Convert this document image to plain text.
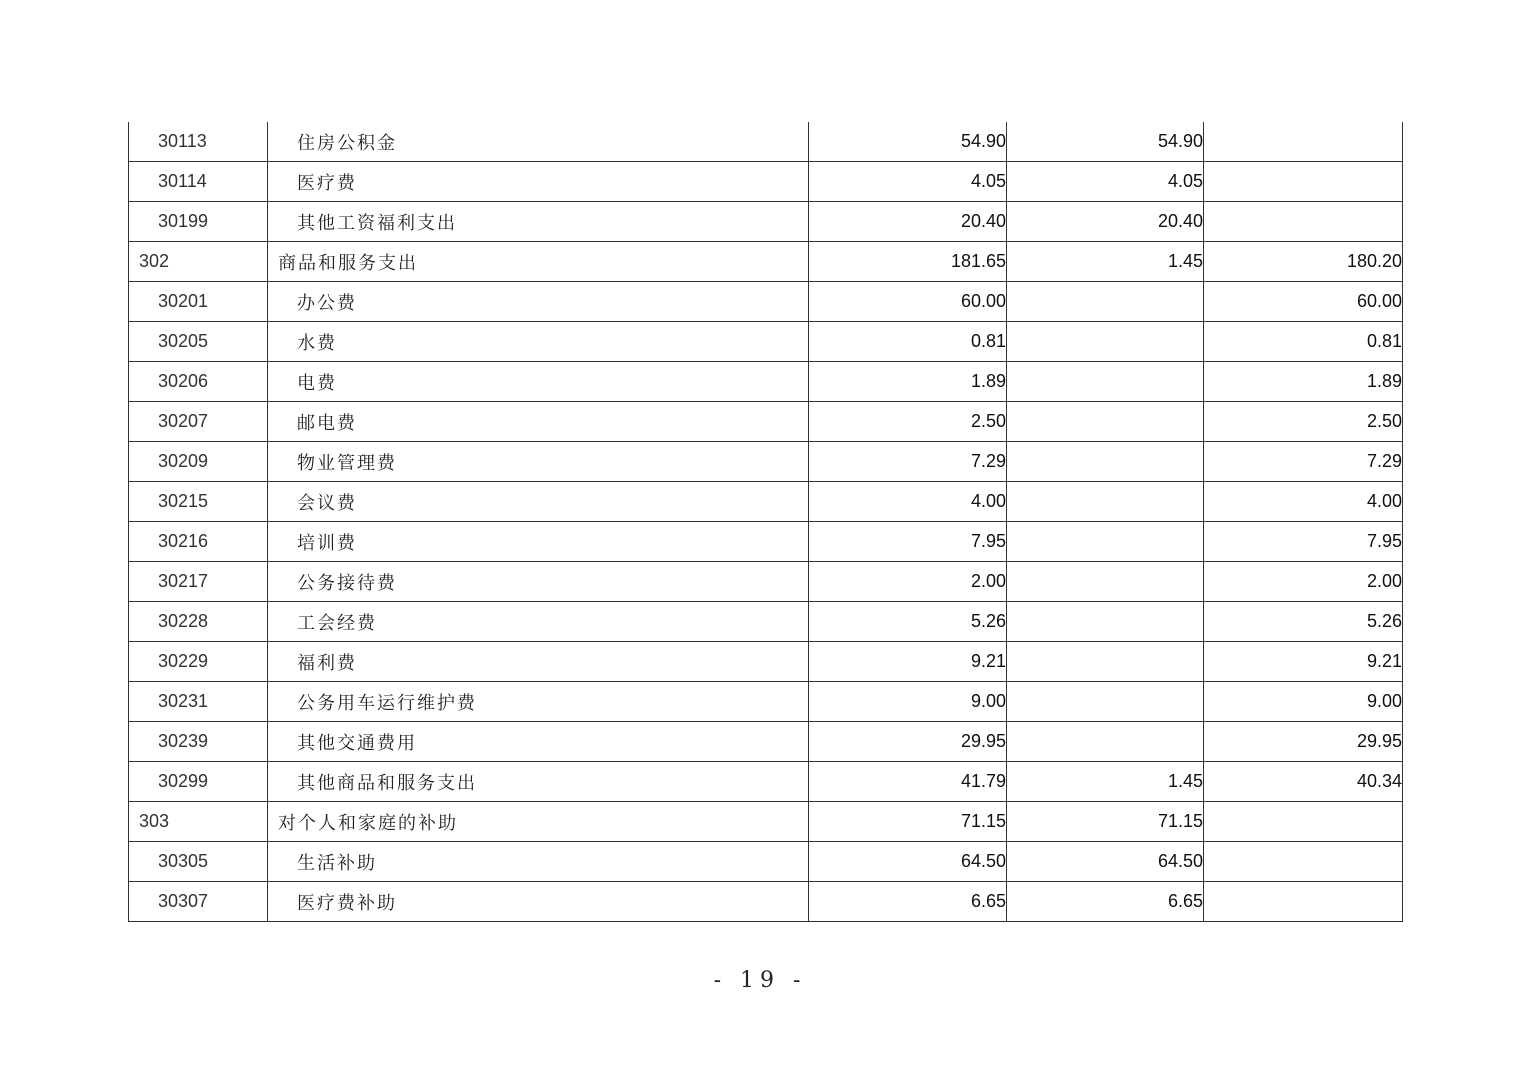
30113	住房公积金	54.90	54.90	
30114	医疗费	4.05	4.05	
30199	其他工资福利支出	20.40	20.40	
302	商品和服务支出	181.65	1.45	180.20
30201	办公费	60.00		60.00
30205	水费	0.81		0.81
30206	电费	1.89		1.89
30207	邮电费	2.50		2.50
30209	物业管理费	7.29		7.29
30215	会议费	4.00		4.00
30216	培训费	7.95		7.95
30217	公务接待费	2.00		2.00
30228	工会经费	5.26		5.26
30229	福利费	9.21		9.21
30231	公务用车运行维护费	9.00		9.00
30239	其他交通费用	29.95		29.95
30299	其他商品和服务支出	41.79	1.45	40.34
303	对个人和家庭的补助	71.15	71.15	
30305	生活补助	64.50	64.50	
30307	医疗费补助	6.65	6.65	
- 19 -
